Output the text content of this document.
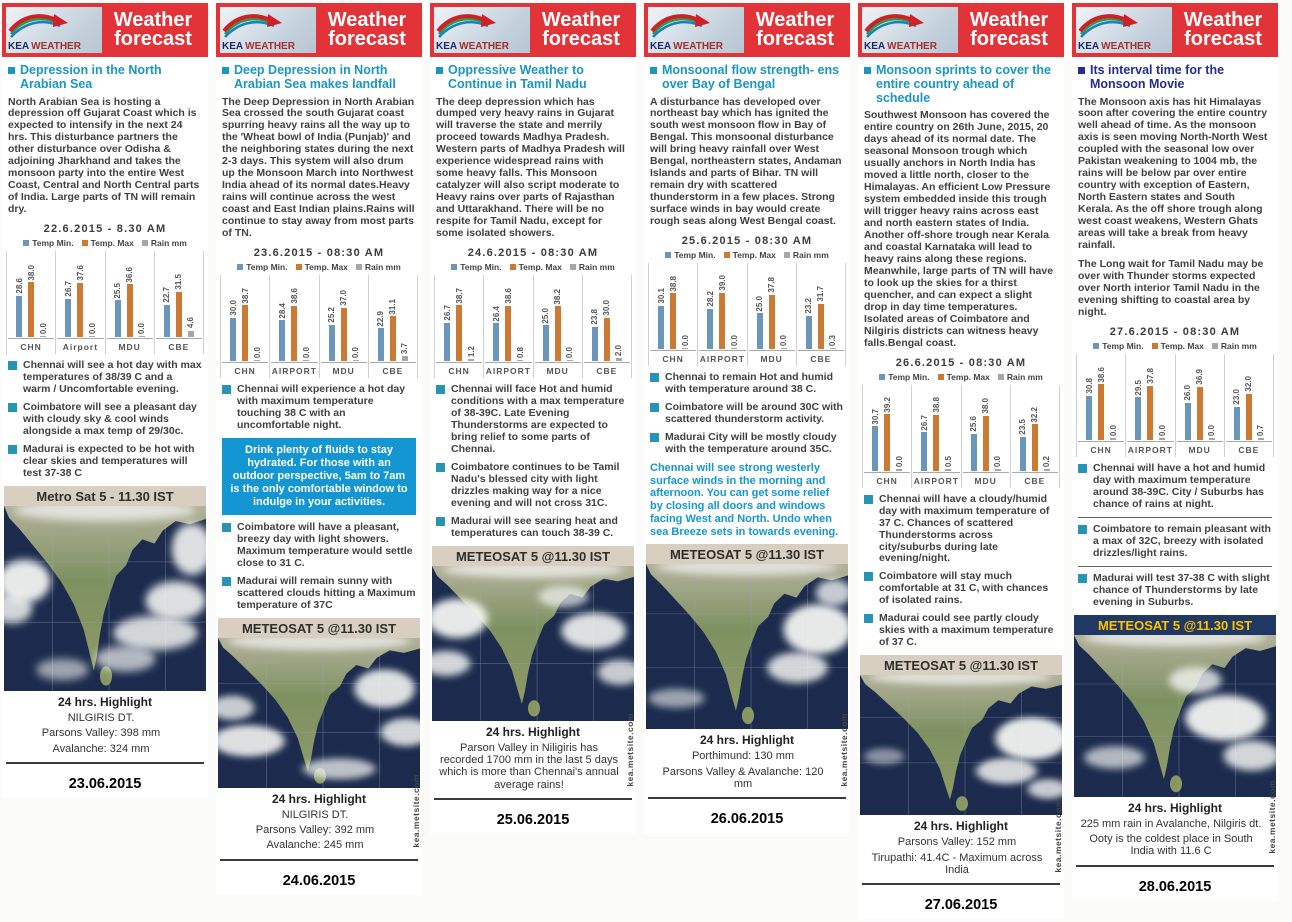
KEA WEATHER
Weather
forecast
Depression in the North Arabian Sea

North Arabian Sea is hosting a depression off Gujarat Coast which is expected to intensify in the next 24 hrs. This disturbance partners the other disturbance over Odisha & adjoining Jharkhand and takes the monsoon party into the entire West Coast, Central and North Central parts of India. Large parts of TN will remain dry.

22.6.2015 - 8.30 AM
Temp Min.	Temp. Max	Rain mm
28.6
38.0
0.0
CHN
26.7
37.6
0.0
Airport
25.5
36.6
0.0
MDU
22.7
31.5
4.6
CBE
Chennai will see a hot day with max temperatures of 38/39 C and a warm / Uncomfortable evening.
Coimbatore will see a pleasant day with cloudy sky & cool winds alongside a max temp of 29/30c.
Madurai is expected to be hot with clear skies and temperatures will test 37-38 C
Metro Sat 5 - 11.30 IST
24 hrs. Highlight
NILGIRIS DT.
Parsons Valley: 398 mm
Avalanche: 324 mm
23.06.2015
KEA WEATHER
Weather
forecast
Deep Depression in North Arabian Sea makes landfall

The Deep Depression in North Arabian Sea crossed the south Gujarat coast spurring heavy rains all the way up to the 'Wheat bowl of India (Punjab)' and the neighboring states during the next 2-3 days. This system will also drum up the Monsoon March into Northwest India ahead of its normal dates.Heavy rains will continue across the west coast and East Indian plains.Rains will continue to stay away from most parts of TN.

23.6.2015 - 08:30 AM
Temp Min.	Temp. Max	Rain mm
30.0
38.7
0.0
CHN
28.4
38.6
0.0
AIRPORT
25.2
37.0
0.0
MDU
22.9
31.1
3.7
CBE
Chennai will experience a hot day with maximum temperature touching 38 C with an uncomfortable night.
Drink plenty of fluids to stay hydrated. For those with an outdoor perspective, 5am to 7am is the only comfortable window to indulge in your activities.
Coimbatore will have a pleasant, breezy day with light showers. Maximum temperature would settle close to 31 C.
Madurai will remain sunny with scattered clouds hitting a Maximum temperature of 37C
METEOSAT 5 @11.30 IST
24 hrs. Highlight
NILGIRIS DT.
Parsons Valley: 392 mm
Avalanche: 245 mm	kea.metsite.com
24.06.2015
KEA WEATHER
Weather
forecast
Oppressive Weather to Continue in Tamil Nadu

The deep depression which has dumped very heavy rains in Gujarat will traverse the state and merrily proceed towards Madhya Pradesh. Western parts of Madhya Pradesh will experience widespread rains with some heavy falls. This Monsoon catalyzer will also script moderate to Heavy rains over parts of Rajasthan and Uttarakhand. There will be no respite for Tamil Nadu, except for some isolated showers.

24.6.2015 - 08:30 AM
Temp Min.	Temp. Max	Rain mm
26.7
38.7
1.2
CHN
26.4
38.6
0.8
AIRPORT
25.0
38.2
0.0
MDU
23.8
30.0
2.0
CBE
Chennai will face Hot and humid conditions with a max temperature of 38-39C. Late Evening Thunderstorms are expected to bring relief to some parts of Chennai.
Coimbatore continues to be Tamil Nadu's blessed city with light drizzles making way for a nice evening and will not cross 31C.
Madurai will see searing heat and temperatures can touch 38-39 C.
METEOSAT 5 @11.30 IST
24 hrs. Highlight
Parson Valley in Niligiris has recorded 1700 mm in the last 5 days which is more than Chennai's annual average rains!	kea.metsite.com
25.06.2015
KEA WEATHER
Weather
forecast
Monsoonal flow strength- ens over Bay of Bengal

A disturbance has developed over northeast bay which has ignited the south west monsoon flow in Bay of Bengal. This monsoonal disturbance will bring heavy rainfall over West Bengal, northeastern states, Andaman Islands and parts of Bihar. TN will remain dry with scattered thunderstorm in a few places. Strong surface winds in bay would create rough seas along West Bengal coast.

25.6.2015 - 08:30 AM
Temp Min.	Temp. Max	Rain mm
30.1
38.8
0.0
CHN
28.2
39.0
0.0
AIRPORT
25.0
37.8
0.0
MDU
23.2
31.7
0.3
CBE
Chennai to remain Hot and humid with temperature around 38 C.
Coimbatore will be around 30C with scattered thunderstorm activity.
Madurai City will be mostly cloudy with the temperature around 35C.
Chennai will see strong westerly surface winds in the morning and afternoon. You can get some relief by closing all doors and windows facing West and North. Undo when sea Breeze sets in towards evening.
METEOSAT 5 @11.30 IST
24 hrs. Highlight
Porthimund: 130 mm
Parsons Valley & Avalanche: 120 mm	kea.metsite.com
26.06.2015
KEA WEATHER
Weather
forecast
Monsoon sprints to cover the entire country ahead of schedule

Southwest Monsoon has covered the entire country on 26th June, 2015, 20 days ahead of its normal date. The seasonal Monsoon trough which usually anchors in North India has moved a little north, closer to the Himalayas. An efficient Low Pressure system embedded inside this trough will trigger heavy rains across east and north eastern states of India. Another off-shore trough near Kerala and coastal Karnataka will lead to heavy rains along these regions. Meanwhile, large parts of TN will have to look up the skies for a thirst quencher, and can expect a slight drop in day time temperatures. Isolated areas of Coimbatore and Nilgiris districts can witness heavy falls.Bengal coast.

26.6.2015 - 08:30 AM
Temp Min.	Temp. Max	Rain mm
30.7
39.2
0.0
CHN
26.7
38.8
0.5
AIRPORT
25.6
38.0
0.0
MDU
23.5
32.2
0.2
CBE
Chennai will have a cloudy/humid day with maximum temperature of 37 C. Chances of scattered Thunderstorms across city/suburbs during late evening/night.
Coimbatore will stay much comfortable at 31 C, with chances of isolated rains.
Madurai could see partly cloudy skies with a maximum temperature of 37 C.
METEOSAT 5 @11.30 IST
24 hrs. Highlight
Parsons Valley: 152 mm
Tirupathi: 41.4C - Maximum across India	kea.metsite.com
27.06.2015
KEA WEATHER
Weather
forecast
Its interval time for the Monsoon Movie

The Monsoon axis has hit Himalayas soon after covering the entire country well ahead of time. As the monsoon axis is seen moving North-North West coupled with the seasonal low over Pakistan weakening to 1004 mb, the rains will be below par over entire country with exception of Eastern, North Eastern states and South Kerala. As the off shore trough along west coast weakens, Western Ghats areas will take a break from heavy rainfall.

The Long wait for Tamil Nadu may be over with Thunder storms expected over North interior Tamil Nadu in the evening shifting to coastal area by night.

27.6.2015 - 08:30 AM
Temp Min.	Temp. Max	Rain mm
30.8
38.6
0.0
CHN
29.5
37.8
0.0
AIRPORT
26.0
36.9
0.0
MDU
23.0
32.0
0.7
CBE
Chennai will have a hot and humid day with maximum temperature around 38-39C. City / Suburbs has chance of rains at night.
Coimbatore to remain pleasant with a max of 32C, breezy with isolated drizzles/light rains.
Madurai will test 37-38 C with slight chance of Thunderstorms by late evening in Suburbs.
METEOSAT 5 @11.30 IST
24 hrs. Highlight
225 mm rain in Avalanche, Nilgiris dt.
Ooty is the coldest place in South India with 11.6 C	kea.metsite.com
28.06.2015
